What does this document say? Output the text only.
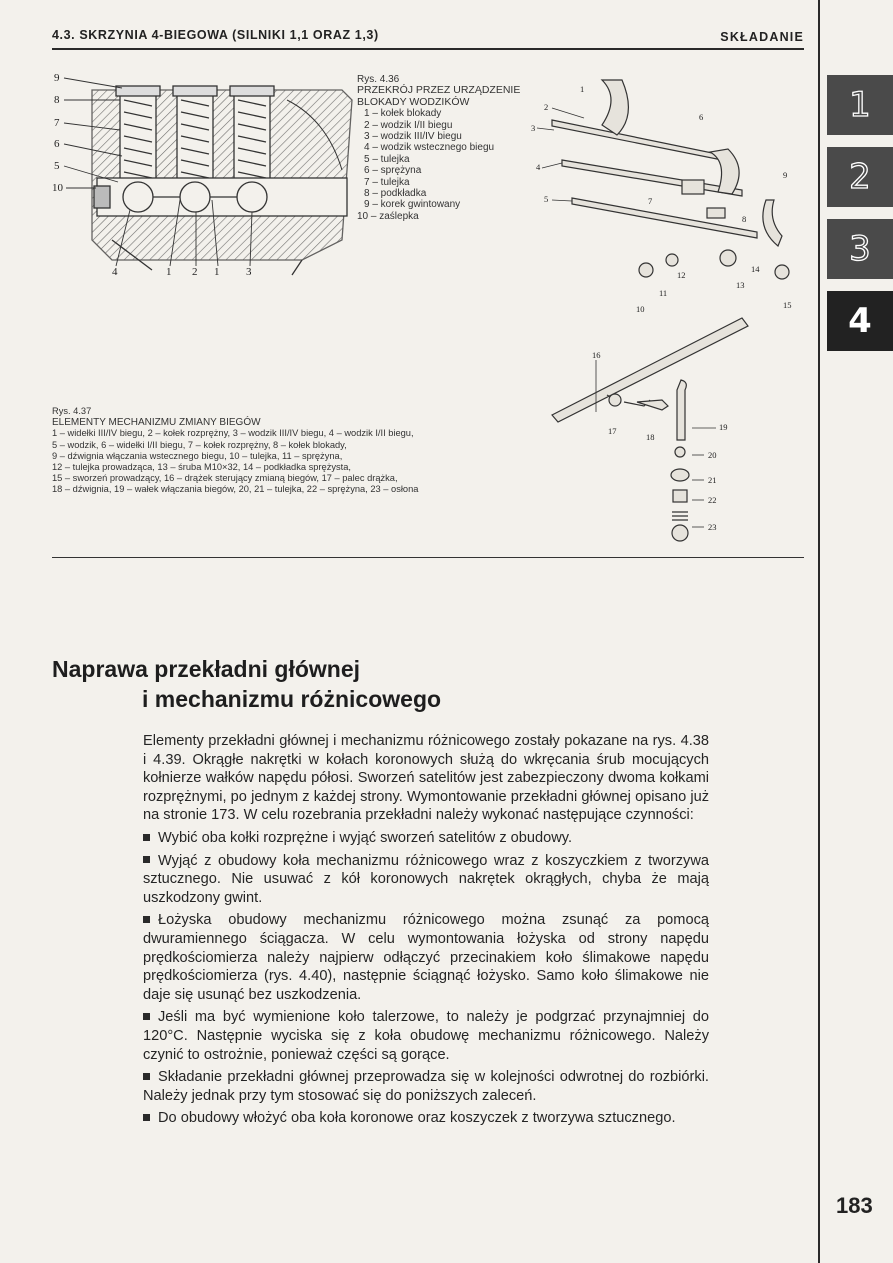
4.3. SKRZYNIA 4-BIEGOWA (SILNIKI 1,1 ORAZ 1,3)	SKŁADANIE
1
2
3
4
9
8
7
6
5
10
4	1 2 1 3
1
2
3
4
5
6
7
8
9
10
11
12
13
14
15
16
17
18
19
20
21
22
23
Rys. 4.36
PRZEKRÓJ PRZEZ URZĄDZENIE
BLOKADY WODZIKÓW
1 – kołek blokady
2 – wodzik I/II biegu
3 – wodzik III/IV biegu
4 – wodzik wstecznego biegu
5 – tulejka
6 – sprężyna
7 – tulejka
8 – podkładka
9 – korek gwintowany
10 – zaślepka
Rys. 4.37
ELEMENTY MECHANIZMU ZMIANY BIEGÓW
1 – widełki III/IV biegu, 2 – kołek rozprężny, 3 – wodzik III/IV biegu, 4 – wodzik I/II biegu,
5 – wodzik, 6 – widełki I/II biegu, 7 – kołek rozprężny, 8 – kołek blokady,
9 – dźwignia włączania wstecznego biegu, 10 – tulejka, 11 – sprężyna,
12 – tulejka prowadząca, 13 – śruba M10×32, 14 – podkładka sprężysta,
15 – sworzeń prowadzący, 16 – drążek sterujący zmianą biegów, 17 – palec drążka,
18 – dźwignia, 19 – wałek włączania biegów, 20, 21 – tulejka, 22 – sprężyna, 23 – osłona
Naprawa przekładni głównej
i mechanizmu różnicowego

Elementy przekładni głównej i mechanizmu różnicowego zostały pokazane na rys. 4.38 i 4.39. Okrągłe nakrętki w kołach koronowych służą do wkręcania śrub mocujących kołnierze wałków napędu półosi. Sworzeń satelitów jest zabezpieczony dwoma kołkami rozprężnymi, po jednym z każdej strony. Wymontowanie przekładni głównej opisano już na stronie 173. W celu rozebrania przekładni należy wykonać następujące czynności:

Wybić oba kołki rozprężne i wyjąć sworzeń satelitów z obudowy.

Wyjąć z obudowy koła mechanizmu różnicowego wraz z koszyczkiem z tworzywa sztucznego. Nie usuwać z kół koronowych nakrętek okrągłych, chyba że mają uszkodzony gwint.

Łożyska obudowy mechanizmu różnicowego można zsunąć za pomocą dwuramiennego ściągacza. W celu wymontowania łożyska od strony napędu prędkościomierza należy najpierw odłączyć przecinakiem koło ślimakowe napędu prędkościomierza (rys. 4.40), następnie ściągnąć łożysko. Samo koło ślimakowe nie daje się usunąć bez uszkodzenia.

Jeśli ma być wymienione koło talerzowe, to należy je podgrzać przynajmniej do 120°C. Następnie wyciska się z koła obudowę mechanizmu różnicowego. Należy czynić to ostrożnie, ponieważ części są gorące.

Składanie przekładni głównej przeprowadza się w kolejności odwrotnej do rozbiórki. Należy jednak przy tym stosować się do poniższych zaleceń.

Do obudowy włożyć oba koła koronowe oraz koszyczek z tworzywa sztucznego.

183
